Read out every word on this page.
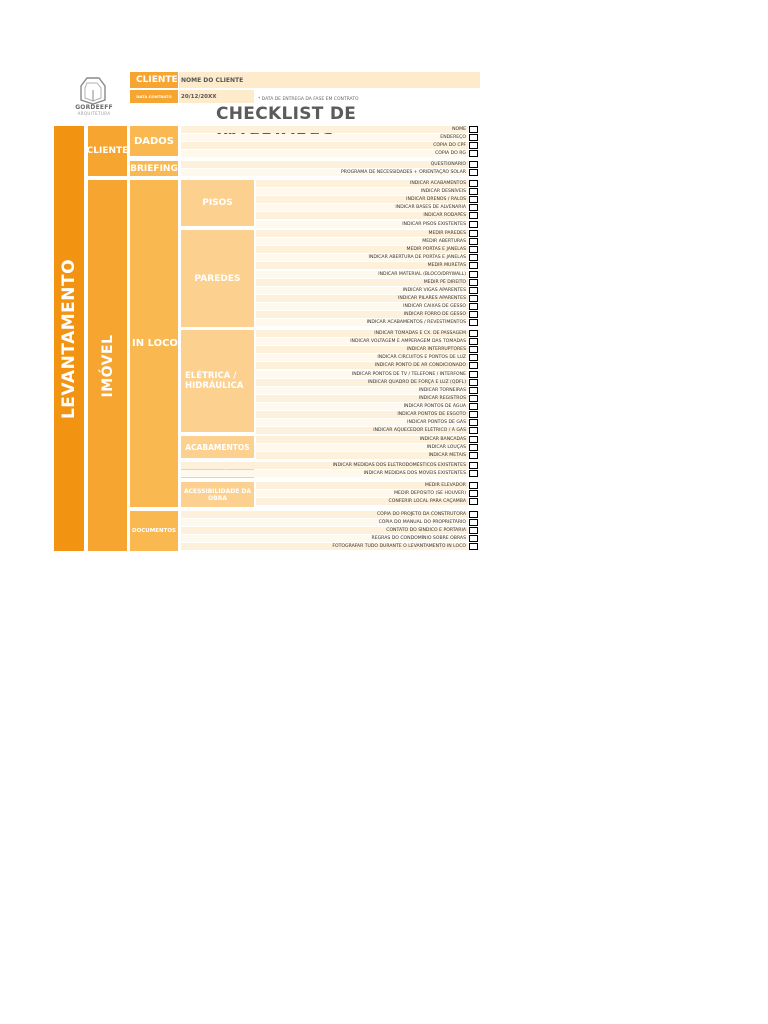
GORDEEFF
ARQUITETURA
CLIENTE NOME DO CLIENTE
DATA CONTRATO	20/12/20XX	* DATA DE ENTREGA DA FASE EM CONTRATO
CHECKLIST DE
LEVANTAMENTO
CLIENTE
IMÓVEL
DADOS
BRIEFING
IN LOCO
DOCUMENTOS
PISOS
PAREDES
ELÉTRICA / HIDRÁULICA
ACABAMENTOS
ACESSIBILIDADE DA OBRA
NOME
ENDEREÇO
CÓPIA DO CPF
CÓPIA DO RG
QUESTIONÁRIO
PROGRAMA DE NECESSIDADES + ORIENTAÇÃO SOLAR
INDICAR ACABAMENTOS
INDICAR DESNÍVEIS
INDICAR DRENOS / RALOS
INDICAR BASES DE ALVENARIA
INDICAR RODAPÉS
INDICAR PISOS EXISTENTES
MEDIR PAREDES
MEDIR ABERTURAS
MEDIR PORTAS E JANELAS
INDICAR ABERTURA DE PORTAS E JANELAS
MEDIR MURETAS
INDICAR MATERIAL (BLOCO/DRYWALL)
MEDIR PÉ DIREITO
INDICAR VIGAS APARENTES
INDICAR PILARES APARENTES
INDICAR CAIXAS DE GESSO
INDICAR FORRO DE GESSO
INDICAR ACABAMENTOS / REVESTIMENTOS
INDICAR TOMADAS E CX. DE PASSAGEM
INDICAR VOLTAGEM E AMPERAGEM DAS TOMADAS
INDICAR INTERRUPTORES
INDICAR CIRCUITOS E PONTOS DE LUZ
INDICAR PONTO DE AR CONDICIONADO
INDICAR PONTOS DE TV / TELEFONE / INTERFONE
INDICAR QUADRO DE FORÇA E LUZ (QDFL)
INDICAR TORNEIRAS
INDICAR REGISTROS
INDICAR PONTOS DE ÁGUA
INDICAR PONTOS DE ESGOTO
INDICAR PONTOS DE GÁS
INDICAR AQUECEDOR ELÉTRICO / À GÁS
INDICAR BANCADAS
INDICAR LOUÇAS
INDICAR METAIS
INDICAR MEDIDAS DOS ELETRODOMÉSTICOS EXISTENTES
INDICAR MEDIDAS DOS MÓVEIS EXISTENTES
MEDIR ELEVADOR
MEDIR DEPÓSITO (SE HOUVER)
CONFERIR LOCAL PARA CAÇAMBA
CÓPIA DO PROJETO DA CONSTRUTORA
CÓPIA DO MANUAL DO PROPRIETÁRIO
CONTATO DO SÍNDICO E PORTARIA
REGRAS DO CONDOMÍNIO SOBRE OBRAS
FOTOGRAFAR TUDO DURANTE O LEVANTAMENTO IN LOCO
